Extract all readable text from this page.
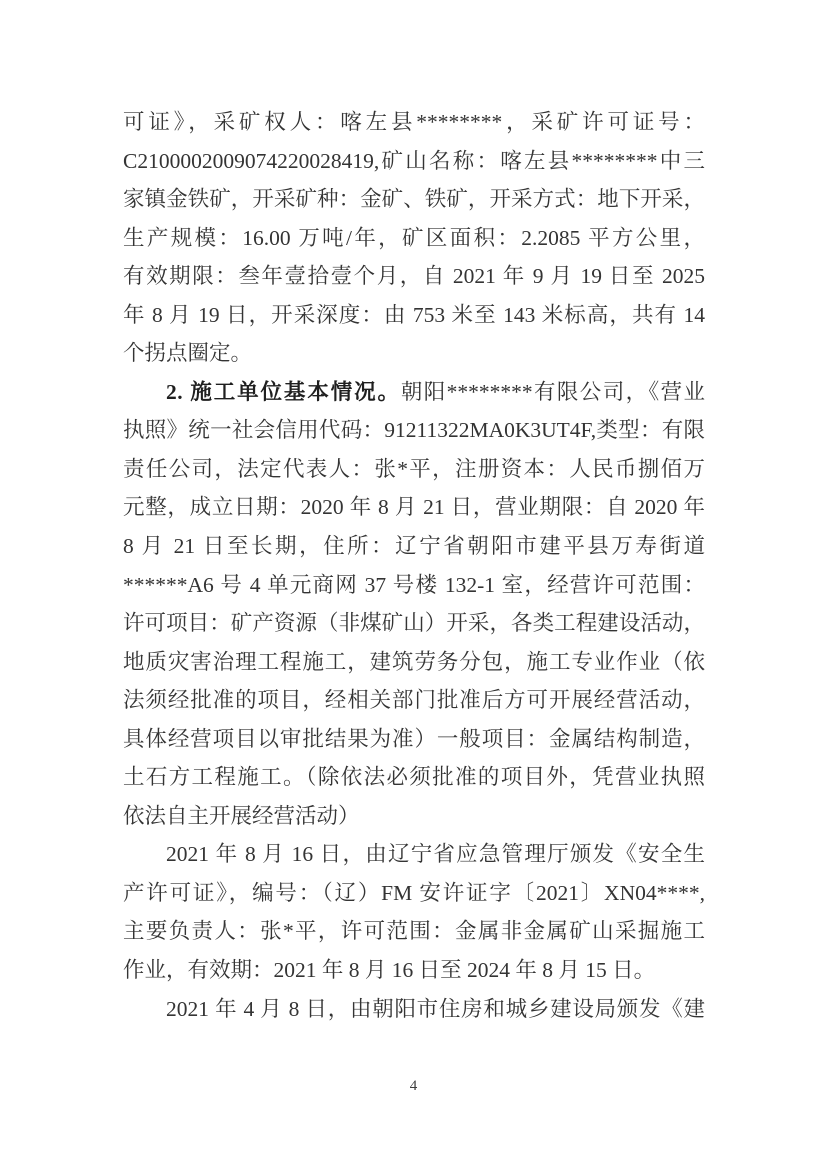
可证》，采矿权人：喀左县********，采矿许可证号：
C2100002009074220028419,矿山名称：喀左县********中三
家镇金铁矿，开采矿种：金矿、铁矿，开采方式：地下开采，
生产规模：16.00 万吨/年，矿区面积：2.2085 平方公里，
有效期限：叁年壹拾壹个月，自 2021 年 9 月 19 日至 2025
年 8 月 19 日，开采深度：由 753 米至 143 米标高，共有 14
个拐点圈定。
2. 施工单位基本情况。朝阳********有限公司，《营业
执照》统一社会信用代码：91211322MA0K3UT4F,类型：有限
责任公司，法定代表人：张*平，注册资本：人民币捌佰万
元整，成立日期：2020 年 8 月 21 日，营业期限：自 2020 年
8 月 21 日至长期，住所：辽宁省朝阳市建平县万寿街道
******A6 号 4 单元商网 37 号楼 132-1 室，经营许可范围：
许可项目：矿产资源（非煤矿山）开采，各类工程建设活动，
地质灾害治理工程施工，建筑劳务分包，施工专业作业（依
法须经批准的项目，经相关部门批准后方可开展经营活动，
具体经营项目以审批结果为准）一般项目：金属结构制造，
土石方工程施工。（除依法必须批准的项目外，凭营业执照
依法自主开展经营活动）
2021 年 8 月 16 日，由辽宁省应急管理厅颁发《安全生
产许可证》，编号：（辽）FM 安许证字〔2021〕XN04****,
主要负责人：张*平，许可范围：金属非金属矿山采掘施工
作业，有效期：2021 年 8 月 16 日至 2024 年 8 月 15 日。
2021 年 4 月 8 日，由朝阳市住房和城乡建设局颁发《建
4
